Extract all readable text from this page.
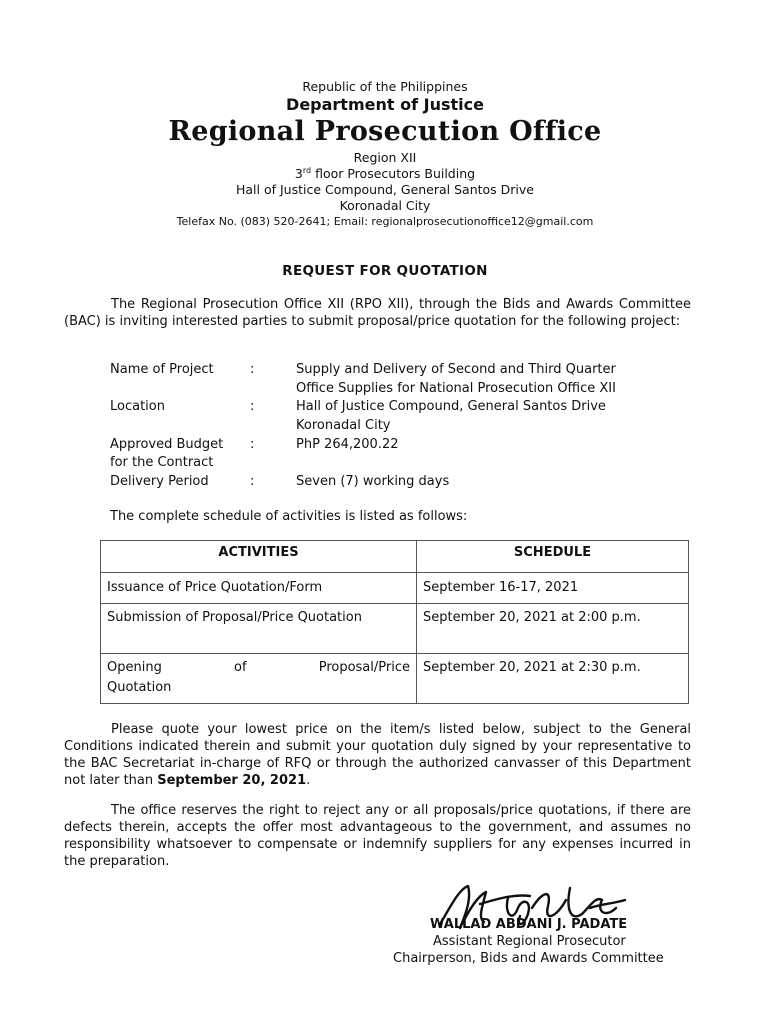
Republic of the Philippines
Department of Justice
Regional Prosecution Office
Region XII
3rd floor Prosecutors Building
Hall of Justice Compound, General Santos Drive
Koronadal City
Telefax No. (083) 520-2641; Email: regionalprosecutionoffice12@gmail.com
REQUEST FOR QUOTATION
The Regional Prosecution Office XII (RPO XII), through the Bids and Awards Committee (BAC) is inviting interested parties to submit proposal/price quotation for the following project:
Name of Project	:	Supply and Delivery of Second and Third Quarter
Office Supplies for National Prosecution Office XII
Location	:	Hall of Justice Compound, General Santos Drive
Koronadal City
Approved Budget
for the Contract
:	PhP 264,200.22
Delivery Period	:	Seven (7) working days
The complete schedule of activities is listed as follows:
ACTIVITIES	SCHEDULE
Issuance of Price Quotation/Form	September 16-17, 2021
Submission of Proposal/Price Quotation	September 20, 2021 at 2:00 p.m.

Opening of Proposal/Price
Quotation	September 20, 2021 at 2:30 p.m.
Please quote your lowest price on the item/s listed below, subject to the General Conditions indicated therein and submit your quotation duly signed by your representative to the BAC Secretariat in-charge of RFQ or through the authorized canvasser of this Department not later than September 20, 2021.
The office reserves the right to reject any or all proposals/price quotations, if there are defects therein, accepts the offer most advantageous to the government, and assumes no responsibility whatsoever to compensate or indemnify suppliers for any expenses incurred in the preparation.
WALLAD ABDANI J. PADATE
Assistant Regional Prosecutor
Chairperson, Bids and Awards Committee
